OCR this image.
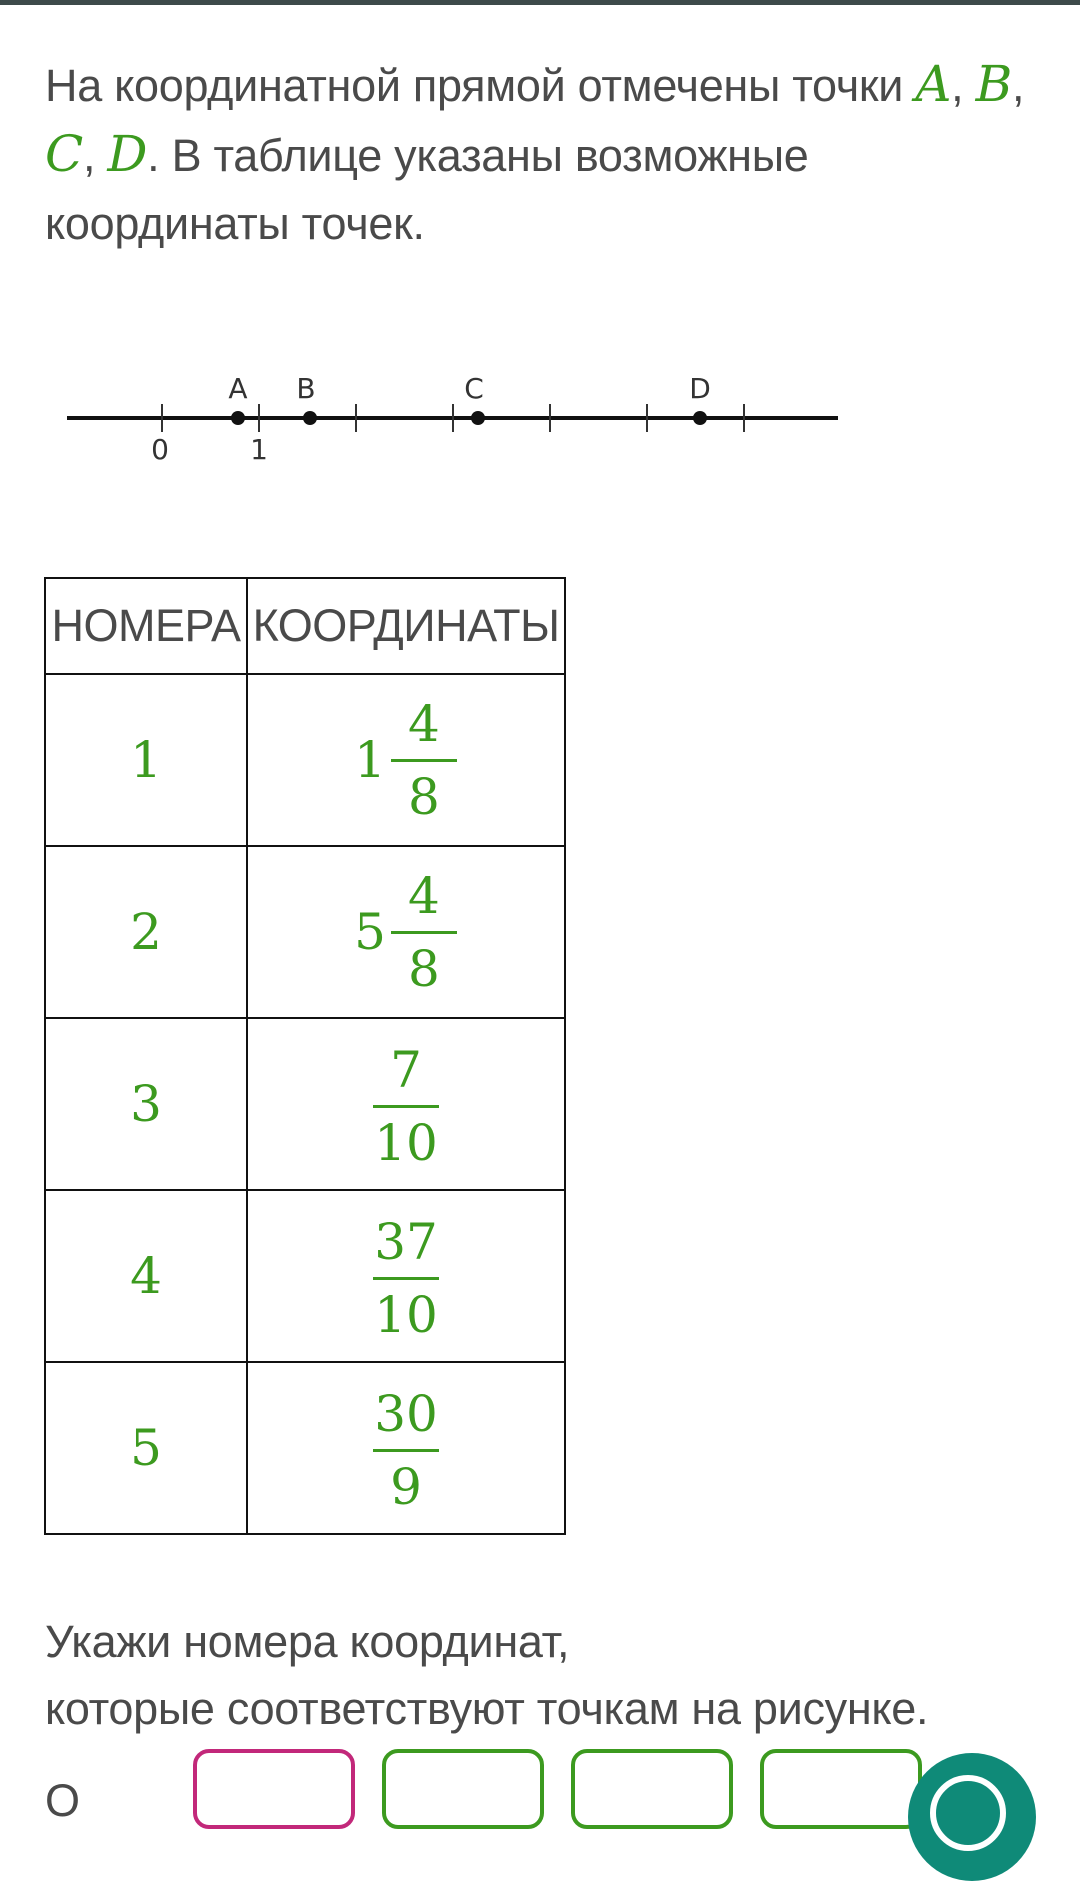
На координатной прямой отмечены точки A, B, C, D. В таблице указаны возможные координаты точек.
A B	C	D
0	1
НОМЕРА	КООРДИНАТЫ
1	$1 \frac{4}{8}$

2	$5 \frac{4}{8}$

3	$\frac{7}{10}$

4	$\frac{37}{10}$

5	$\frac{30}{9}$
Укажи номера координат,
которые соответствуют точкам на рисунке.
О
